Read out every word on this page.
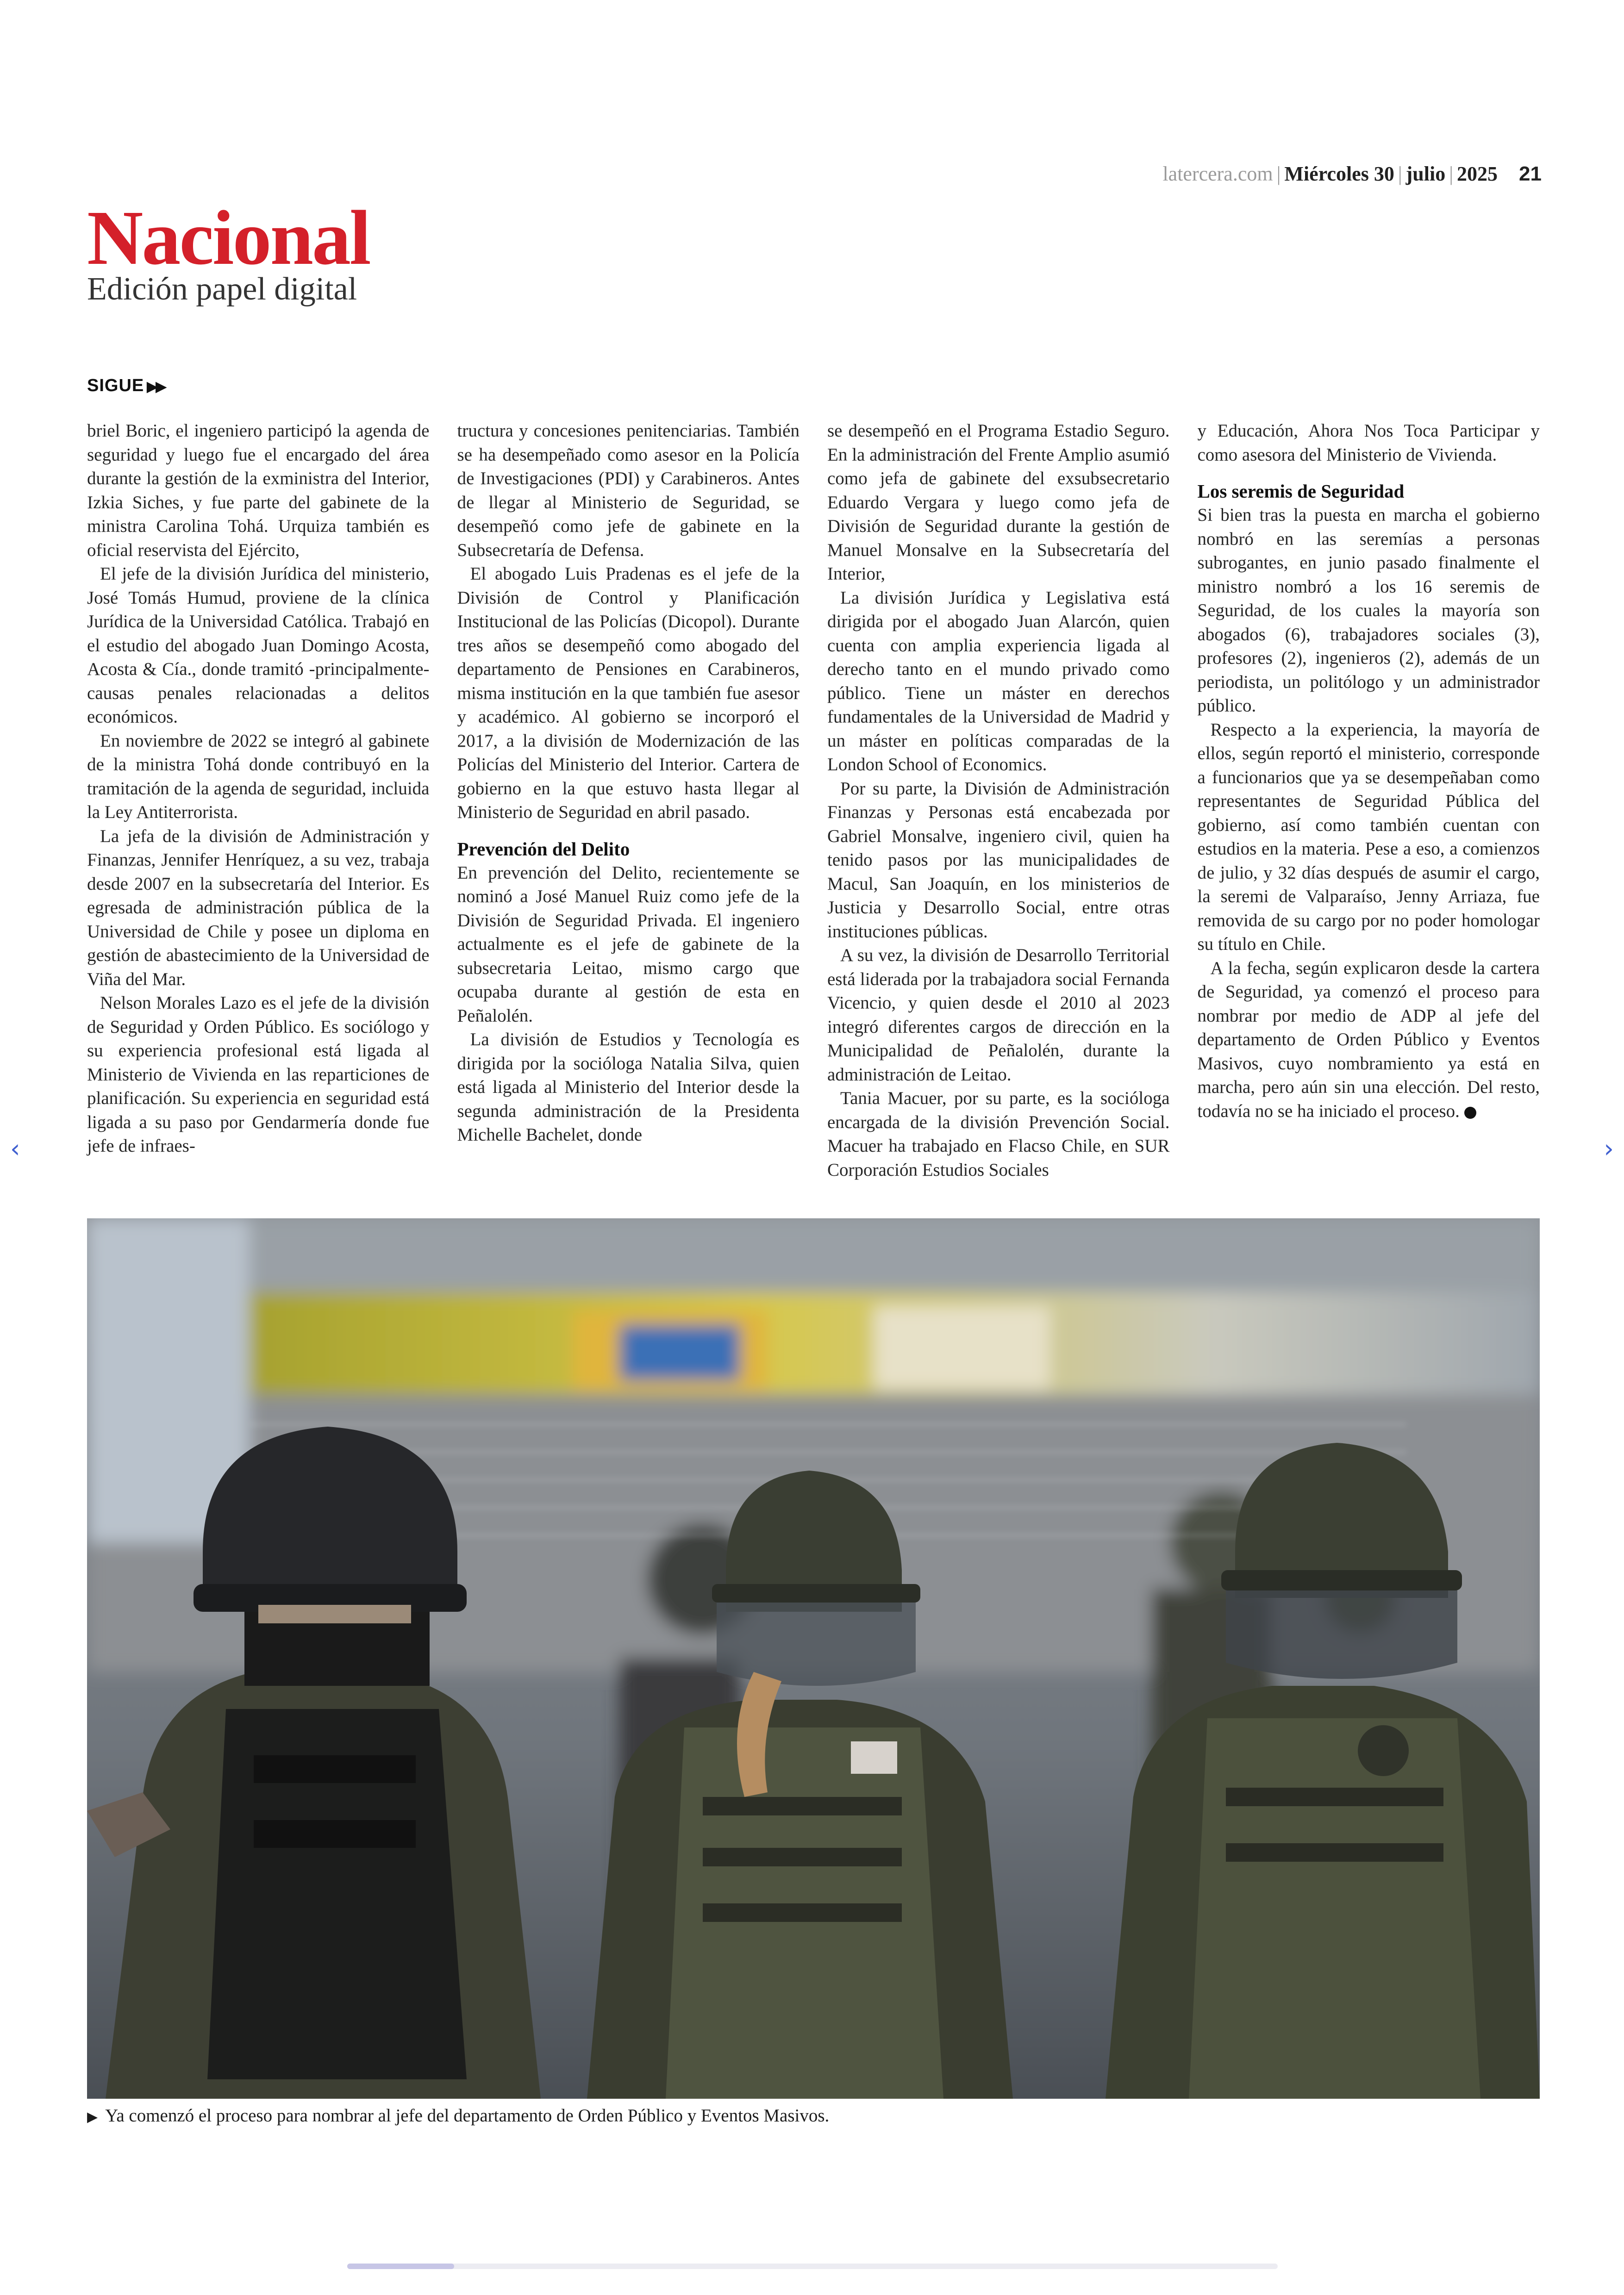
latercera.com | Miércoles 30 | julio | 2025 21
Nacional
Edición papel digital
SIGUE ▶▶

briel Boric, el ingeniero participó la agenda de seguridad y luego fue el encargado del área durante la gestión de la exministra del Interior, Izkia Siches, y fue parte del gabinete de la ministra Carolina Tohá. Urquiza también es oficial reservista del Ejército,

El jefe de la división Jurídica del ministerio, José Tomás Humud, proviene de la clínica Jurídica de la Universidad Católica. Trabajó en el estudio del abogado Juan Domingo Acosta, Acosta & Cía., donde tramitó -principalmente- causas penales relacionadas a delitos económicos.

En noviembre de 2022 se integró al gabinete de la ministra Tohá donde contribuyó en la tramitación de la agenda de seguridad, incluida la Ley Antiterrorista.

La jefa de la división de Administración y Finanzas, Jennifer Henríquez, a su vez, trabaja desde 2007 en la subsecretaría del Interior. Es egresada de administración pública de la Universidad de Chile y posee un diploma en gestión de abastecimiento de la Universidad de Viña del Mar.

Nelson Morales Lazo es el jefe de la división de Seguridad y Orden Público. Es sociólogo y su experiencia profesional está ligada al Ministerio de Vivienda en las reparticiones de planificación. Su experiencia en seguridad está ligada a su paso por Gendarmería donde fue jefe de infraes-

tructura y concesiones penitenciarias. También se ha desempeñado como asesor en la Policía de Investigaciones (PDI) y Carabineros. Antes de llegar al Ministerio de Seguridad, se desempeñó como jefe de gabinete en la Subsecretaría de Defensa.

El abogado Luis Pradenas es el jefe de la División de Control y Planificación Institucional de las Policías (Dicopol). Durante tres años se desempeñó como abogado del departamento de Pensiones en Carabineros, misma institución en la que también fue asesor y académico. Al gobierno se incorporó el 2017, a la división de Modernización de las Policías del Ministerio del Interior. Cartera de gobierno en la que estuvo hasta llegar al Ministerio de Seguridad en abril pasado.

Prevención del Delito

En prevención del Delito, recientemente se nominó a José Manuel Ruiz como jefe de la División de Seguridad Privada. El ingeniero actualmente es el jefe de gabinete de la subsecretaria Leitao, mismo cargo que ocupaba durante al gestión de esta en Peñalolén.

La división de Estudios y Tecnología es dirigida por la socióloga Natalia Silva, quien está ligada al Ministerio del Interior desde la segunda administración de la Presidenta Michelle Bachelet, donde

se desempeñó en el Programa Estadio Seguro. En la administración del Frente Amplio asumió como jefa de gabinete del exsubsecretario Eduardo Vergara y luego como jefa de División de Seguridad durante la gestión de Manuel Monsalve en la Subsecretaría del Interior,

La división Jurídica y Legislativa está dirigida por el abogado Juan Alarcón, quien cuenta con amplia experiencia ligada al derecho tanto en el mundo privado como público. Tiene un máster en derechos fundamentales de la Universidad de Madrid y un máster en políticas comparadas de la London School of Economics.

Por su parte, la División de Administración Finanzas y Personas está encabezada por Gabriel Monsalve, ingeniero civil, quien ha tenido pasos por las municipalidades de Macul, San Joaquín, en los ministerios de Justicia y Desarrollo Social, entre otras instituciones públicas.

A su vez, la división de Desarrollo Territorial está liderada por la trabajadora social Fernanda Vicencio, y quien desde el 2010 al 2023 integró diferentes cargos de dirección en la Municipalidad de Peñalolén, durante la administración de Leitao.

Tania Macuer, por su parte, es la socióloga encargada de la división Prevención Social. Macuer ha trabajado en Flacso Chile, en SUR Corporación Estudios Sociales

y Educación, Ahora Nos Toca Participar y como asesora del Ministerio de Vivienda.

Los seremis de Seguridad

Si bien tras la puesta en marcha el gobierno nombró en las seremías a personas subrogantes, en junio pasado finalmente el ministro nombró a los 16 seremis de Seguridad, de los cuales la mayoría son abogados (6), trabajadores sociales (3), profesores (2), ingenieros (2), además de un periodista, un politólogo y un administrador público.

Respecto a la experiencia, la mayoría de ellos, según reportó el ministerio, corresponde a funcionarios que ya se desempeñaban como representantes de Seguridad Pública del gobierno, así como también cuentan con estudios en la materia. Pese a eso, a comienzos de julio, y 32 días después de asumir el cargo, la seremi de Valparaíso, Jenny Arriaza, fue removida de su cargo por no poder homologar su título en Chile.

A la fecha, según explicaron desde la cartera de Seguridad, ya comenzó el proceso para nombrar por medio de ADP al jefe del departamento de Orden Público y Eventos Masivos, cuyo nombramiento ya está en marcha, pero aún sin una elección. Del resto, todavía no se ha iniciado el proceso.

‹	›
▶ Ya comenzó el proceso para nombrar al jefe del departamento de Orden Público y Eventos Masivos.
